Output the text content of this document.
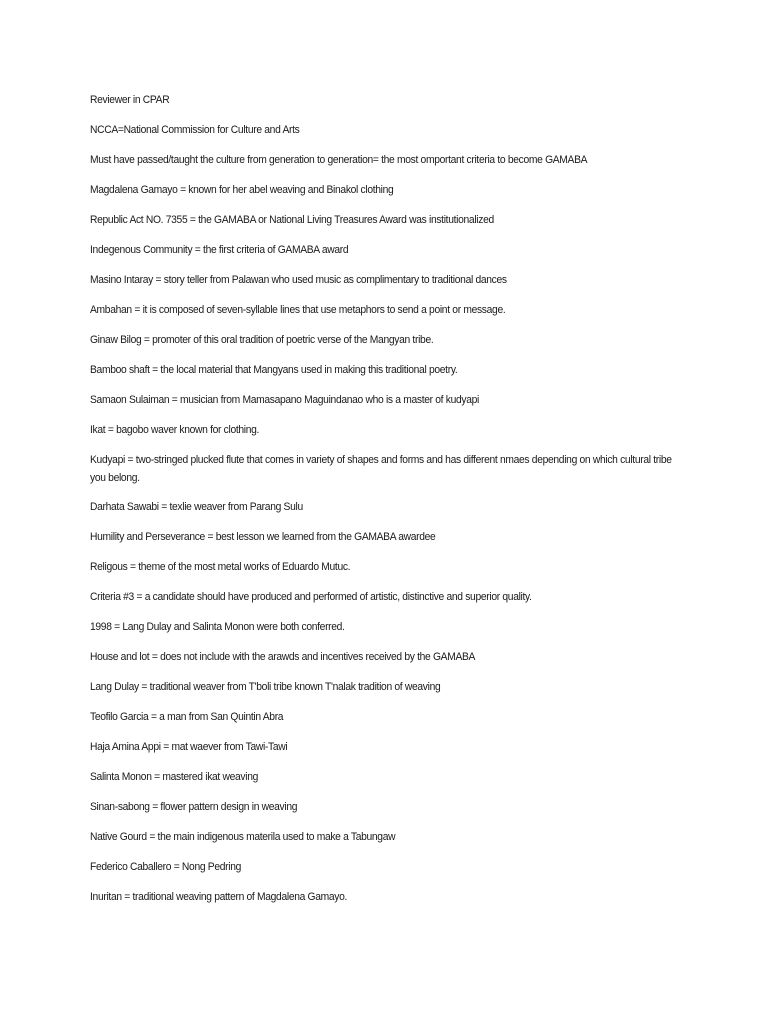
Reviewer in CPAR

NCCA=National Commission for Culture and Arts

Must have passed/taught the culture from generation to generation= the most omportant criteria to become GAMABA

Magdalena Gamayo = known for her abel weaving and Binakol clothing

Republic Act NO. 7355 = the GAMABA or National Living Treasures Award was institutionalized

Indegenous Community = the first criteria of GAMABA award

Masino Intaray = story teller from Palawan who used music as complimentary to traditional dances

Ambahan = it is composed of seven-syllable lines that use metaphors to send a point or message.

Ginaw Bilog = promoter of this oral tradition of poetric verse of the Mangyan tribe.

Bamboo shaft = the local material that Mangyans used in making this traditional poetry.

Samaon Sulaiman = musician from Mamasapano Maguindanao who is a master of kudyapi

Ikat = bagobo waver known for clothing.

Kudyapi = two-stringed plucked flute that comes in variety of shapes and forms and has different nmaes depending on which cultural tribe you belong.

Darhata Sawabi = texlie weaver from Parang Sulu

Humility and Perseverance = best lesson we learned from the GAMABA awardee

Religous = theme of the most metal works of Eduardo Mutuc.

Criteria #3 = a candidate should have produced and performed of artistic, distinctive and superior quality.

1998 = Lang Dulay and Salinta Monon were both conferred.

House and lot = does not include with the arawds and incentives received by the GAMABA

Lang Dulay = traditional weaver from T'boli tribe known T'nalak tradition of weaving

Teofilo Garcia = a man from San Quintin Abra

Haja Amina Appi = mat waever from Tawi-Tawi

Salinta Monon = mastered ikat weaving

Sinan-sabong = flower pattern design in weaving

Native Gourd = the main indigenous materila used to make a Tabungaw

Federico Caballero = Nong Pedring

Inuritan = traditional weaving pattern of Magdalena Gamayo.
